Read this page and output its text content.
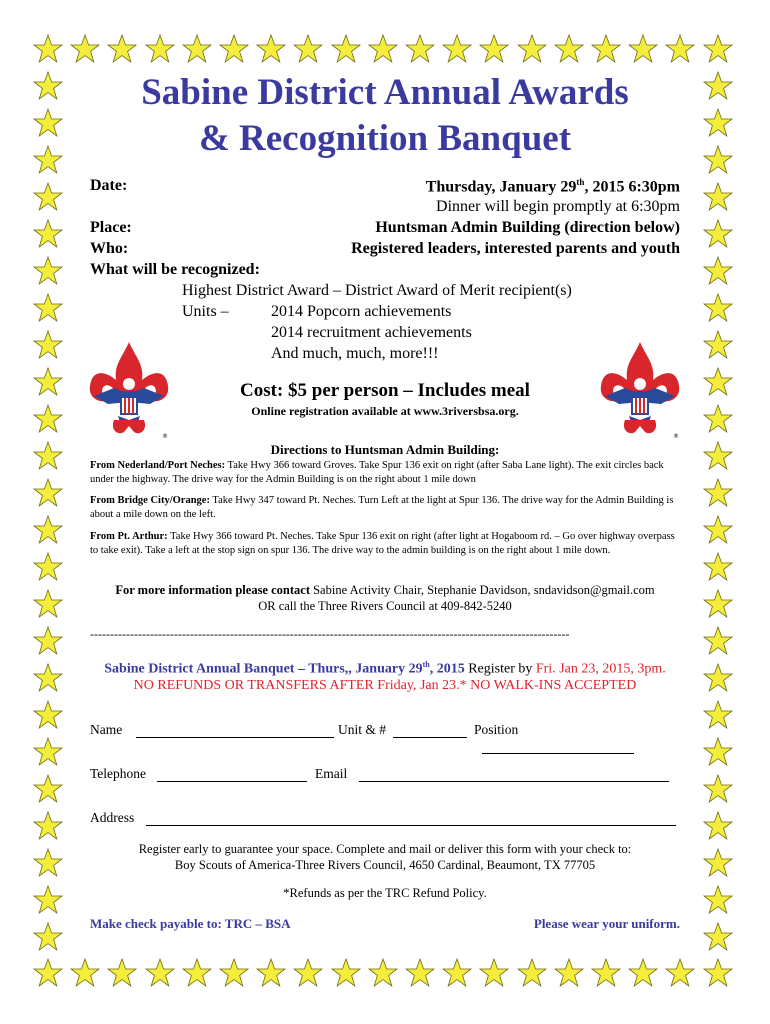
Sabine District Annual Awards
& Recognition Banquet
Date:	Thursday, January 29th, 2015 6:30pm
Dinner will begin promptly at 6:30pm
Place:	Huntsman Admin Building (direction below)
Who:	Registered leaders, interested parents and youth
What will be recognized:
Highest District Award – District Award of Merit recipient(s)
Units –	2014 Popcorn achievements
2014 recruitment achievements
And much, much, more!!!
Cost: $5 per person – Includes meal
Online registration available at www.3riversbsa.org.
Directions to Huntsman Admin Building:
From Nederland/Port Neches: Take Hwy 366 toward Groves. Take Spur 136 exit on right (after Saba Lane light). The exit circles back under the highway. The drive way for the Admin Building is on the right about 1 mile down
From Bridge City/Orange: Take Hwy 347 toward Pt. Neches. Turn Left at the light at Spur 136. The drive way for the Admin Building is about a mile down on the left.
From Pt. Arthur: Take Hwy 366 toward Pt. Neches. Take Spur 136 exit on right (after light at Hogaboom rd. – Go over highway overpass to take exit). Take a left at the stop sign on spur 136. The drive way to the admin building is on the right about 1 mile down.
For more information please contact Sabine Activity Chair, Stephanie Davidson, sndavidson@gmail.com
OR call the Three Rivers Council at 409-842-5240
------------------------------------------------------------------------------------------------------------------------
Sabine District Annual Banquet – Thurs,, January 29th, 2015 Register by Fri. Jan 23, 2015, 3pm.
NO REFUNDS OR TRANSFERS AFTER Friday, Jan 23.* NO WALK-INS ACCEPTED
Name	Unit & #	Position
Telephone	Email
Address
Register early to guarantee your space. Complete and mail or deliver this form with your check to:
Boy Scouts of America-Three Rivers Council, 4650 Cardinal, Beaumont, TX 77705
*Refunds as per the TRC Refund Policy.
Make check payable to: TRC – BSA	Please wear your uniform.
®	®
